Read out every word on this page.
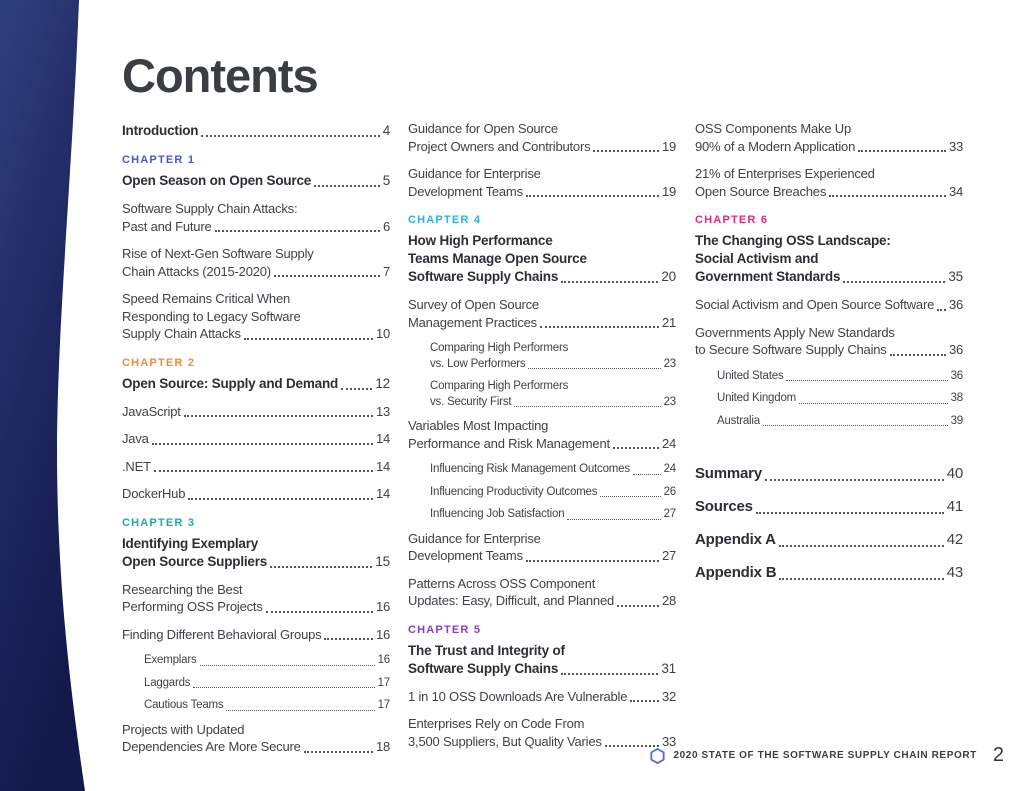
Contents
Introduction	4
CHAPTER 1
Open Season on Open Source	5
Software Supply Chain Attacks:
Past and Future	6
Rise of Next-Gen Software Supply
Chain Attacks (2015-2020)	7
Speed Remains Critical When
Responding to Legacy Software
Supply Chain Attacks	10
CHAPTER 2
Open Source: Supply and Demand	12
JavaScript	13
Java	14
.NET	14
DockerHub	14
CHAPTER 3
Identifying Exemplary
Open Source Suppliers	15
Researching the Best
Performing OSS Projects	16
Finding Different Behavioral Groups	16
Exemplars	16
Laggards	17
Cautious Teams	17
Projects with Updated
Dependencies Are More Secure	18
Guidance for Open Source
Project Owners and Contributors	19
Guidance for Enterprise
Development Teams	19
CHAPTER 4
How High Performance
Teams Manage Open Source
Software Supply Chains	20
Survey of Open Source
Management Practices	21
Comparing High Performers
vs. Low Performers	23
Comparing High Performers
vs. Security First	23
Variables Most Impacting
Performance and Risk Management	24
Influencing Risk Management Outcomes	24
Influencing Productivity Outcomes	26
Influencing Job Satisfaction	27
Guidance for Enterprise
Development Teams	27
Patterns Across OSS Component
Updates: Easy, Difficult, and Planned	28
CHAPTER 5
The Trust and Integrity of
Software Supply Chains	31
1 in 10 OSS Downloads Are Vulnerable	32
Enterprises Rely on Code From
3,500 Suppliers, But Quality Varies	33
OSS Components Make Up
90% of a Modern Application	33
21% of Enterprises Experienced
Open Source Breaches	34
CHAPTER 6
The Changing OSS Landscape:
Social Activism and
Government Standards	35
Social Activism and Open Source Software 36
Governments Apply New Standards
to Secure Software Supply Chains	36
United States	36
United Kingdom	38
Australia	39
Summary	40
Sources	41
Appendix A	42
Appendix B	43
2020 STATE OF THE SOFTWARE SUPPLY CHAIN REPORT 2
